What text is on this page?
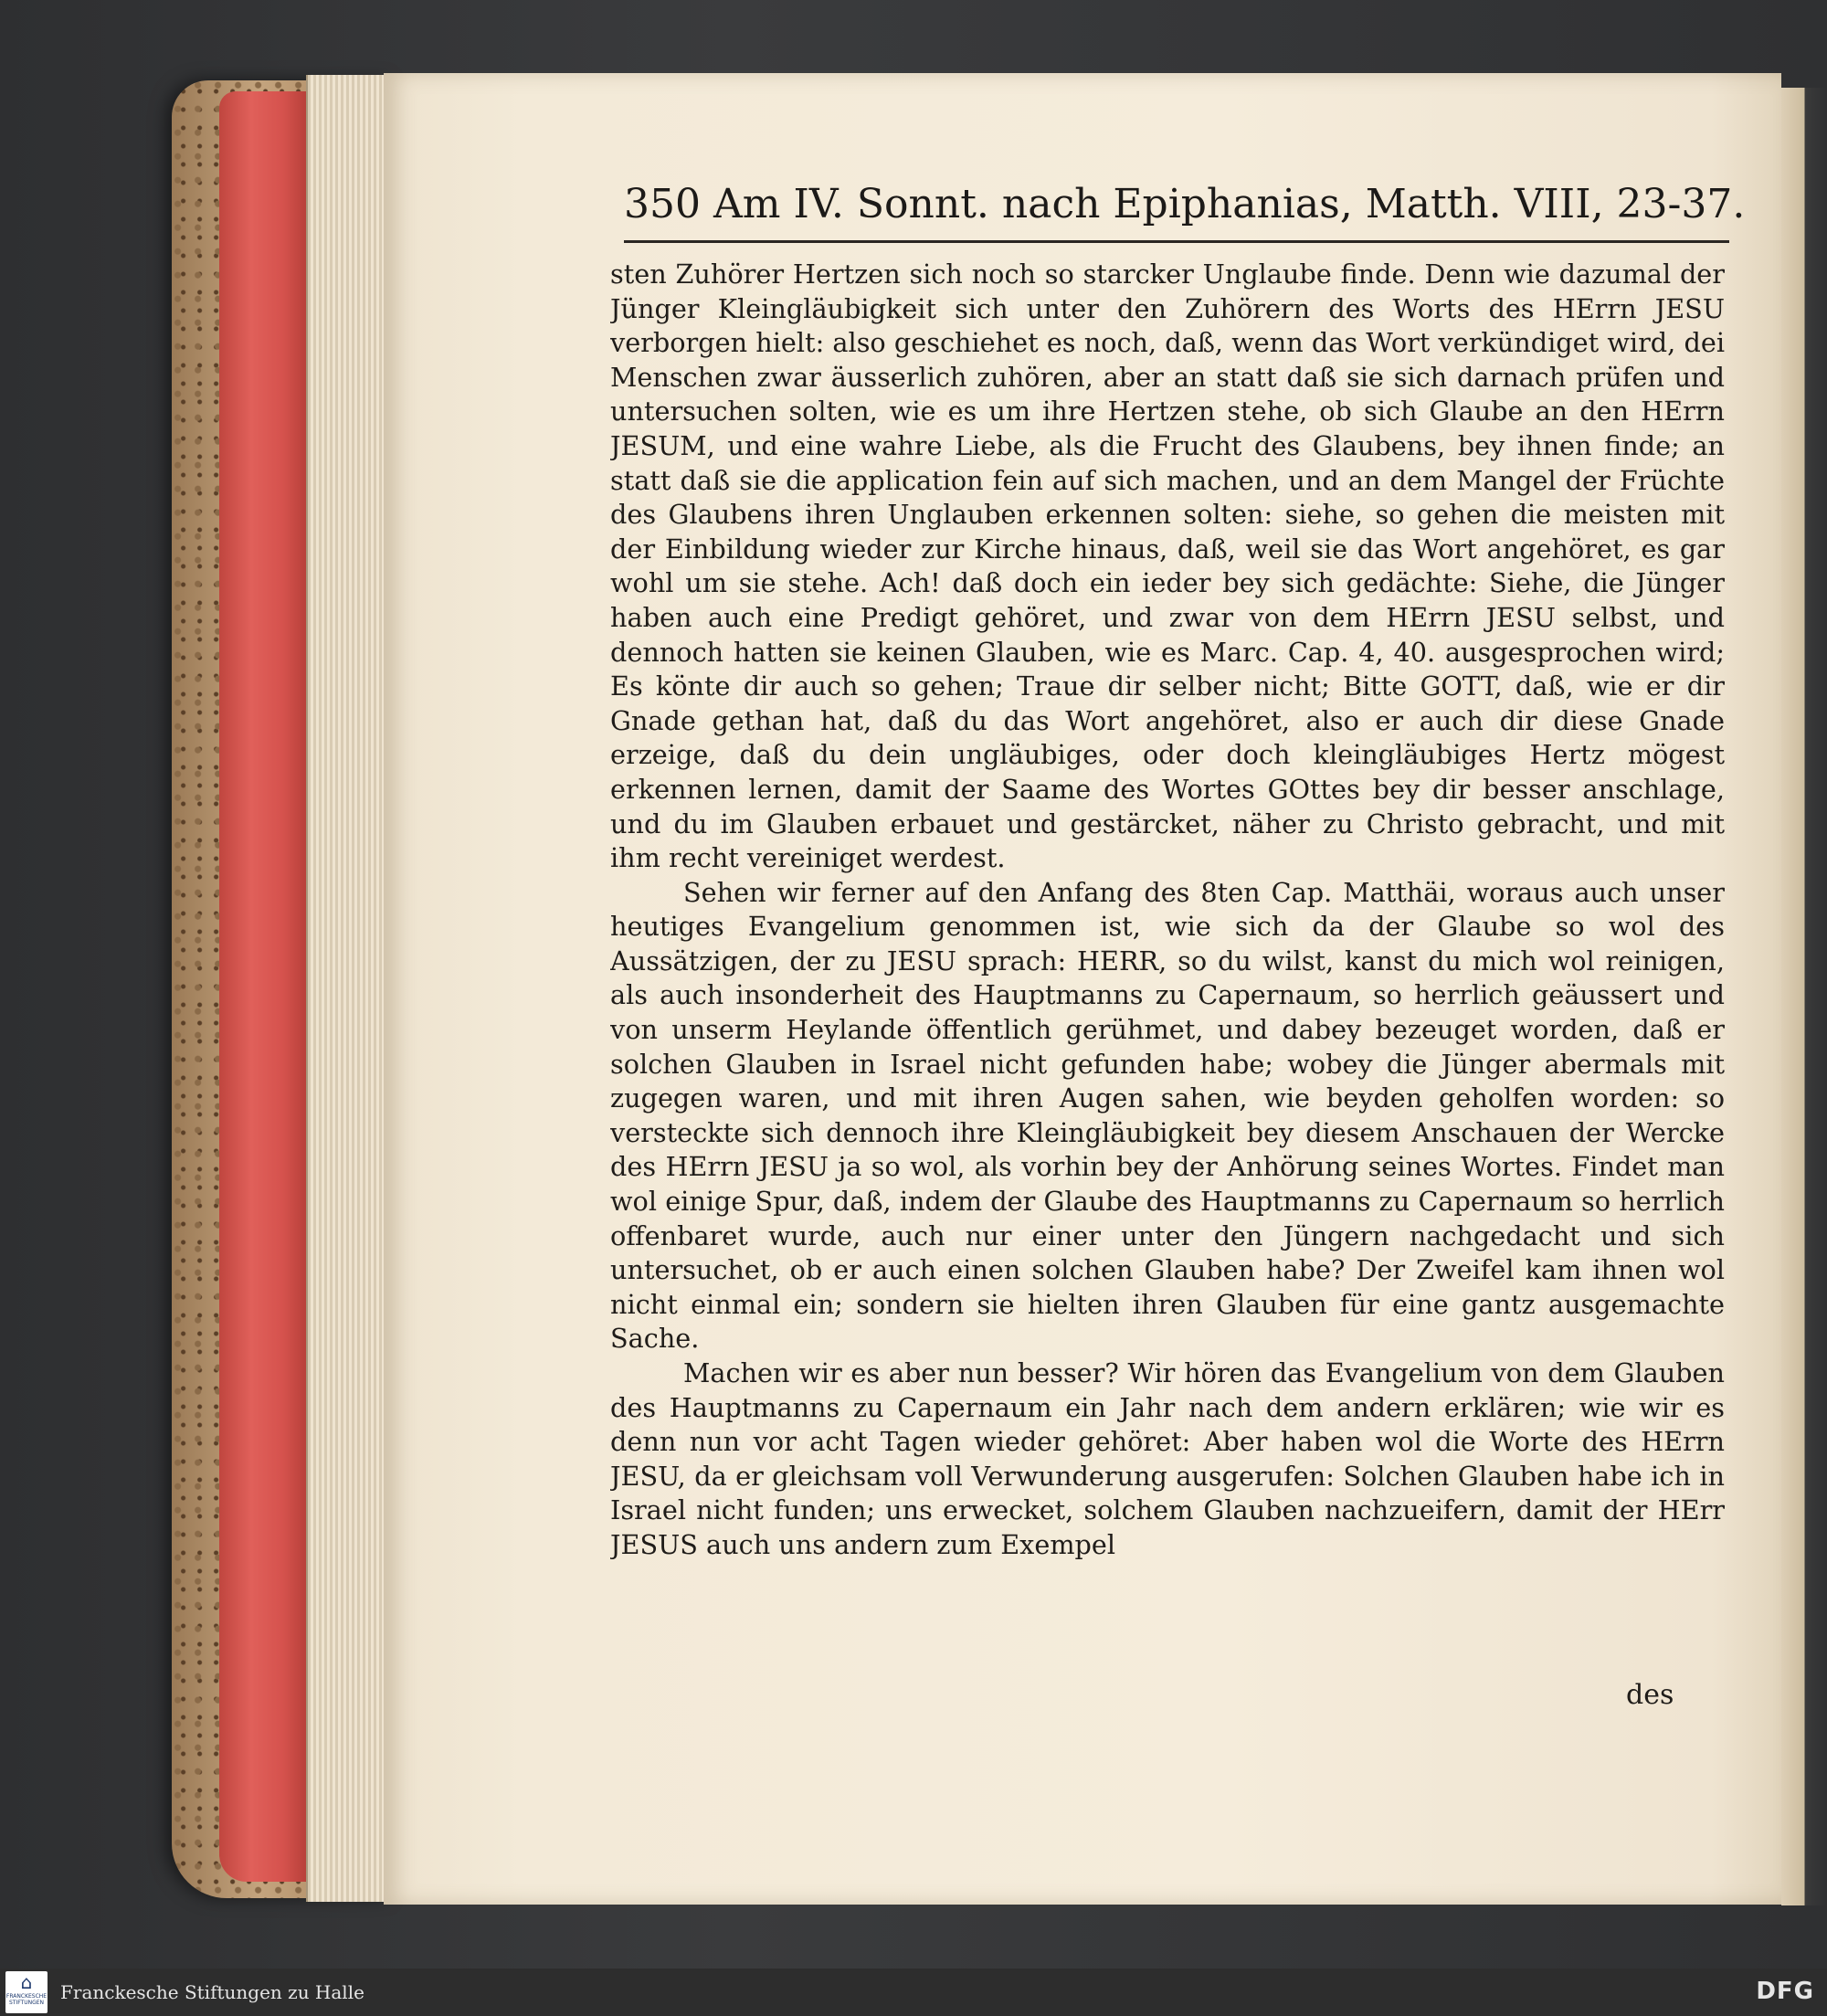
350 Am IV. Sonnt. nach Epiphanias, Matth. VIII, 23-37.

sten Zuhörer Hertzen sich noch so starcker Unglaube finde. Denn wie dazumal der Jünger Kleingläubigkeit sich unter den Zuhörern des Worts des HErrn JESU verborgen hielt: also geschiehet es noch, daß, wenn das Wort verkündiget wird, dei Menschen zwar äusserlich zuhören, aber an statt daß sie sich darnach prüfen und untersuchen solten, wie es um ihre Hertzen stehe, ob sich Glaube an den HErrn JESUM, und eine wahre Liebe, als die Frucht des Glaubens, bey ihnen finde; an statt daß sie die application fein auf sich machen, und an dem Mangel der Früchte des Glaubens ihren Unglauben erkennen solten: siehe, so gehen die meisten mit der Einbildung wieder zur Kirche hinaus, daß, weil sie das Wort angehöret, es gar wohl um sie stehe. Ach! daß doch ein ieder bey sich gedächte: Siehe, die Jünger haben auch eine Predigt gehöret, und zwar von dem HErrn JESU selbst, und dennoch hatten sie keinen Glauben, wie es Marc. Cap. 4, 40. ausgesprochen wird; Es könte dir auch so gehen; Traue dir selber nicht; Bitte GOTT, daß, wie er dir Gnade gethan hat, daß du das Wort angehöret, also er auch dir diese Gnade erzeige, daß du dein ungläubiges, oder doch kleingläubiges Hertz mögest erkennen lernen, damit der Saame des Wortes GOttes bey dir besser anschlage, und du im Glauben erbauet und gestärcket, näher zu Christo gebracht, und mit ihm recht vereiniget werdest.

Sehen wir ferner auf den Anfang des 8ten Cap. Matthäi, woraus auch unser heutiges Evangelium genommen ist, wie sich da der Glaube so wol des Aussätzigen, der zu JESU sprach: HERR, so du wilst, kanst du mich wol reinigen, als auch insonderheit des Hauptmanns zu Capernaum, so herrlich geäussert und von unserm Heylande öffentlich gerühmet, und dabey bezeuget worden, daß er solchen Glauben in Israel nicht gefunden habe; wobey die Jünger abermals mit zugegen waren, und mit ihren Augen sahen, wie beyden geholfen worden: so versteckte sich dennoch ihre Kleingläubigkeit bey diesem Anschauen der Wercke des HErrn JESU ja so wol, als vorhin bey der Anhörung seines Wortes. Findet man wol einige Spur, daß, indem der Glaube des Hauptmanns zu Capernaum so herrlich offenbaret wurde, auch nur einer unter den Jüngern nachgedacht und sich untersuchet, ob er auch einen solchen Glauben habe? Der Zweifel kam ihnen wol nicht einmal ein; sondern sie hielten ihren Glauben für eine gantz ausgemachte Sache.

Machen wir es aber nun besser? Wir hören das Evangelium von dem Glauben des Hauptmanns zu Capernaum ein Jahr nach dem andern erklären; wie wir es denn nun vor acht Tagen wieder gehöret: Aber haben wol die Worte des HErrn JESU, da er gleichsam voll Verwunderung ausgerufen: Solchen Glauben habe ich in Israel nicht funden; uns erwecket, solchem Glauben nachzueifern, damit der HErr JESUS auch uns andern zum Exempel

des
⌂
FRANCKESCHE STIFTUNGEN Franckesche Stiftungen zu Halle	DFG
